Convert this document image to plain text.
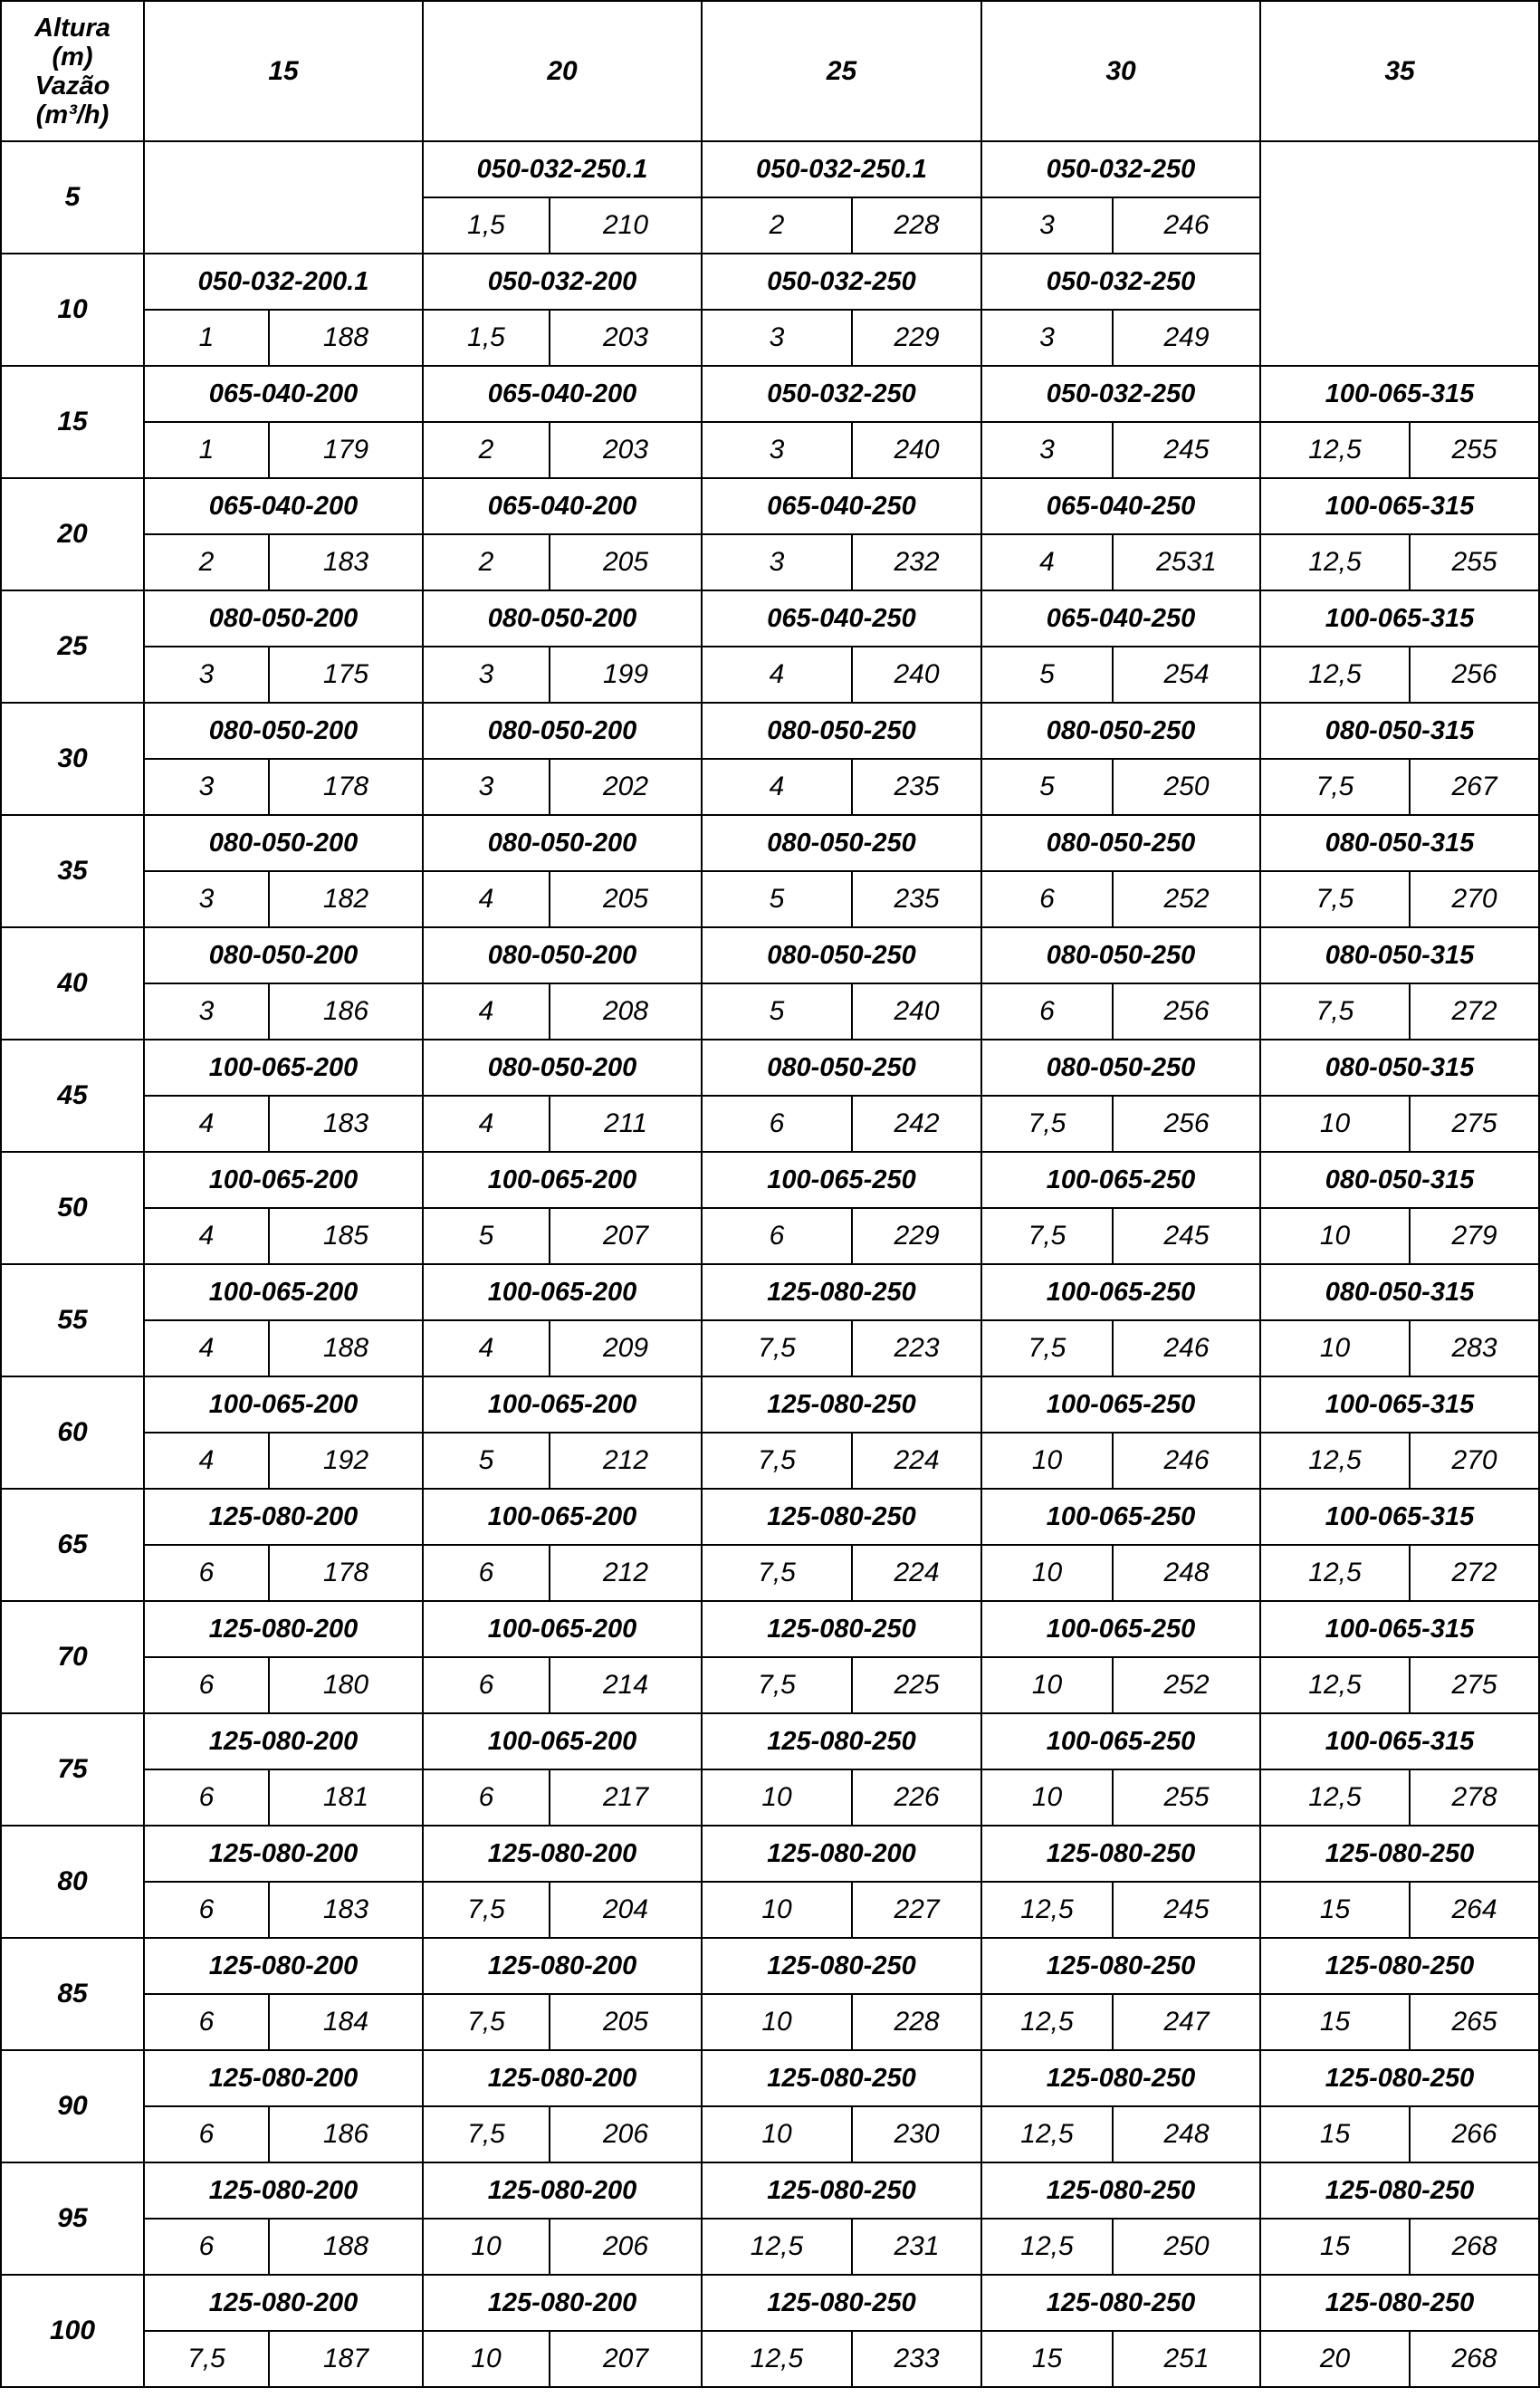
Altura
(m)
Vazão
(m³/h)	15		20		25		30		35	
5			050-032-250.1		050-032-250.1		050-032-250			
			1,5	210	2	228	3	246		
10	050-032-200.1		050-032-200		050-032-250		050-032-250			
	1	188	1,5	203	3	229	3	249		
15	065-040-200		065-040-200		050-032-250		050-032-250		100-065-315	
	1	179	2	203	3	240	3	245	12,5	255
20	065-040-200		065-040-200		065-040-250		065-040-250		100-065-315	
	2	183	2	205	3	232	4	2531	12,5	255
25	080-050-200		080-050-200		065-040-250		065-040-250		100-065-315	
	3	175	3	199	4	240	5	254	12,5	256
30	080-050-200		080-050-200		080-050-250		080-050-250		080-050-315	
	3	178	3	202	4	235	5	250	7,5	267
35	080-050-200		080-050-200		080-050-250		080-050-250		080-050-315	
	3	182	4	205	5	235	6	252	7,5	270
40	080-050-200		080-050-200		080-050-250		080-050-250		080-050-315	
	3	186	4	208	5	240	6	256	7,5	272
45	100-065-200		080-050-200		080-050-250		080-050-250		080-050-315	
	4	183	4	211	6	242	7,5	256	10	275
50	100-065-200		100-065-200		100-065-250		100-065-250		080-050-315	
	4	185	5	207	6	229	7,5	245	10	279
55	100-065-200		100-065-200		125-080-250		100-065-250		080-050-315	
	4	188	4	209	7,5	223	7,5	246	10	283
60	100-065-200		100-065-200		125-080-250		100-065-250		100-065-315	
	4	192	5	212	7,5	224	10	246	12,5	270
65	125-080-200		100-065-200		125-080-250		100-065-250		100-065-315	
	6	178	6	212	7,5	224	10	248	12,5	272
70	125-080-200		100-065-200		125-080-250		100-065-250		100-065-315	
	6	180	6	214	7,5	225	10	252	12,5	275
75	125-080-200		100-065-200		125-080-250		100-065-250		100-065-315	
	6	181	6	217	10	226	10	255	12,5	278
80	125-080-200		125-080-200		125-080-200		125-080-250		125-080-250	
	6	183	7,5	204	10	227	12,5	245	15	264
85	125-080-200		125-080-200		125-080-250		125-080-250		125-080-250	
	6	184	7,5	205	10	228	12,5	247	15	265
90	125-080-200		125-080-200		125-080-250		125-080-250		125-080-250	
	6	186	7,5	206	10	230	12,5	248	15	266
95	125-080-200		125-080-200		125-080-250		125-080-250		125-080-250	
	6	188	10	206	12,5	231	12,5	250	15	268
100	125-080-200		125-080-200		125-080-250		125-080-250		125-080-250	
	7,5	187	10	207	12,5	233	15	251	20	268
